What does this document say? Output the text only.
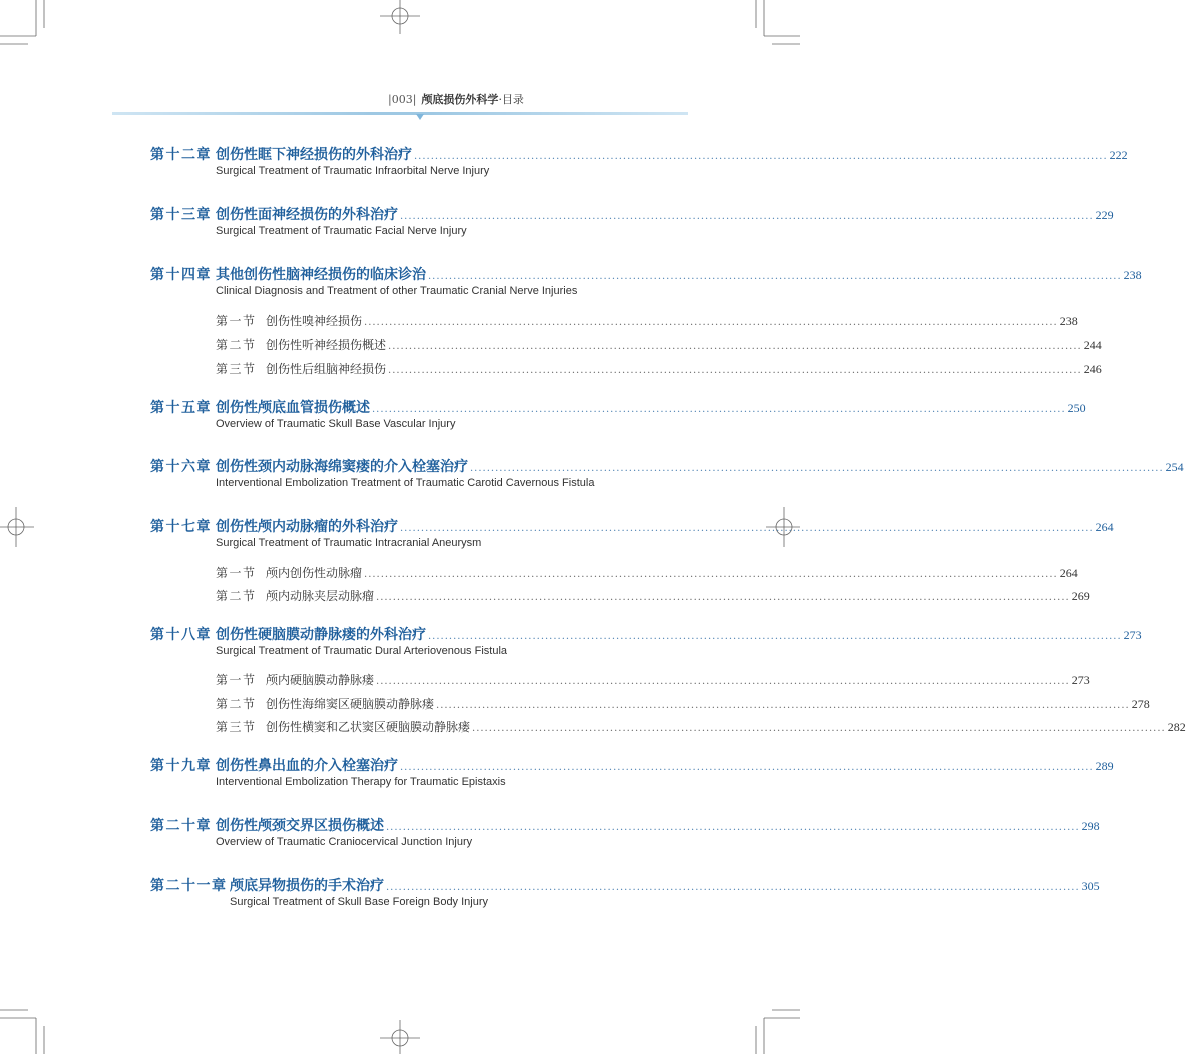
|003| 颅底损伤外科学·目录
第十二章 创伤性眶下神经损伤的外科治疗 ...................................................................................................................................................................... 222
Surgical Treatment of Traumatic Infraorbital Nerve Injury
第十三章 创伤性面神经损伤的外科治疗 ...................................................................................................................................................................... 229
Surgical Treatment of Traumatic Facial Nerve Injury
第十四章 其他创伤性脑神经损伤的临床诊治 ...................................................................................................................................................................... 238
Clinical Diagnosis and Treatment of other Traumatic Cranial Nerve Injuries
第一节 创伤性嗅神经损伤 ...................................................................................................................................................................... 238
第二节 创伤性听神经损伤概述 ...................................................................................................................................................................... 244
第三节 创伤性后组脑神经损伤 ...................................................................................................................................................................... 246
第十五章 创伤性颅底血管损伤概述 ...................................................................................................................................................................... 250
Overview of Traumatic Skull Base Vascular Injury
第十六章 创伤性颈内动脉海绵窦瘘的介入栓塞治疗 ...................................................................................................................................................................... 254
Interventional Embolization Treatment of Traumatic Carotid Cavernous Fistula
第十七章 创伤性颅内动脉瘤的外科治疗 ...................................................................................................................................................................... 264
Surgical Treatment of Traumatic Intracranial Aneurysm
第一节 颅内创伤性动脉瘤 ...................................................................................................................................................................... 264
第二节 颅内动脉夹层动脉瘤 ...................................................................................................................................................................... 269
第十八章 创伤性硬脑膜动静脉瘘的外科治疗 ...................................................................................................................................................................... 273
Surgical Treatment of Traumatic Dural Arteriovenous Fistula
第一节 颅内硬脑膜动静脉瘘 ...................................................................................................................................................................... 273
第二节 创伤性海绵窦区硬脑膜动静脉瘘 ...................................................................................................................................................................... 278
第三节 创伤性横窦和乙状窦区硬脑膜动静脉瘘 ...................................................................................................................................................................... 282
第十九章 创伤性鼻出血的介入栓塞治疗 ...................................................................................................................................................................... 289
Interventional Embolization Therapy for Traumatic Epistaxis
第二十章 创伤性颅颈交界区损伤概述 ...................................................................................................................................................................... 298
Overview of Traumatic Craniocervical Junction Injury
第二十一章 颅底异物损伤的手术治疗 ...................................................................................................................................................................... 305
Surgical Treatment of Skull Base Foreign Body Injury
